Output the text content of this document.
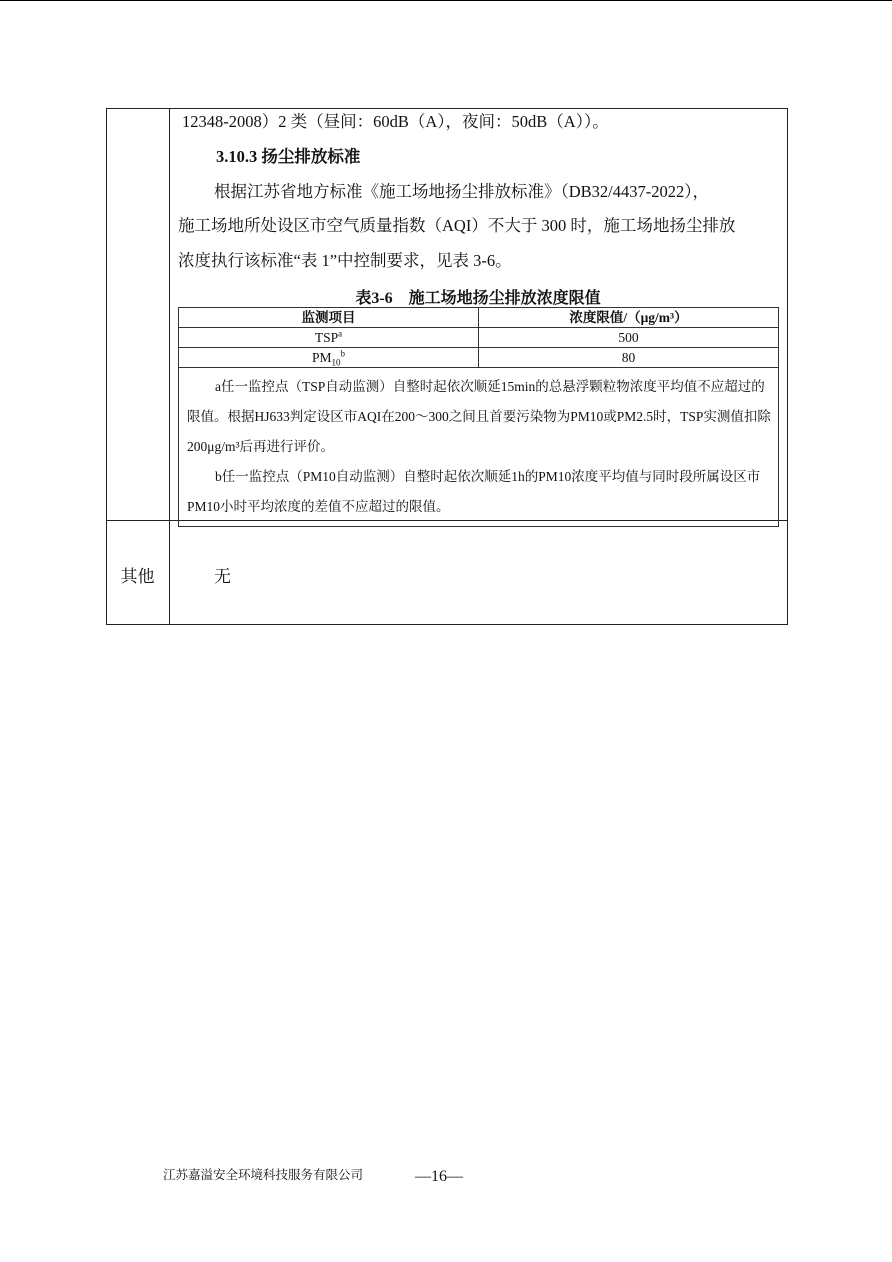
12348-2008）2 类（昼间：60dB（A），夜间：50dB（A））。
3.10.3 扬尘排放标准
根据江苏省地方标准《施工场地扬尘排放标准》（DB32/4437-2022），
施工场地所处设区市空气质量指数（AQI）不大于 300 时，施工场地扬尘排放
浓度执行该标准“表 1”中控制要求，见表 3-6。
表3-6　施工场地扬尘排放浓度限值
监测项目	浓度限值/（μg/m³）
TSP$^a$	500
$PM_{10}^b$	80

a任一监控点（TSP自动监测）自整时起依次顺延15min的总悬浮颗粒物浓度平均值不应超过的限值。根据HJ633判定设区市AQI在200～300之间且首要污染物为PM10或PM2.5时，TSP实测值扣除200μg/m³后再进行评价。

b任一监控点（PM10自动监测）自整时起依次顺延1h的PM10浓度平均值与同时段所属设区市PM10小时平均浓度的差值不应超过的限值。	

其他	无
江苏嘉溢安全环境科技服务有限公司	—16—
